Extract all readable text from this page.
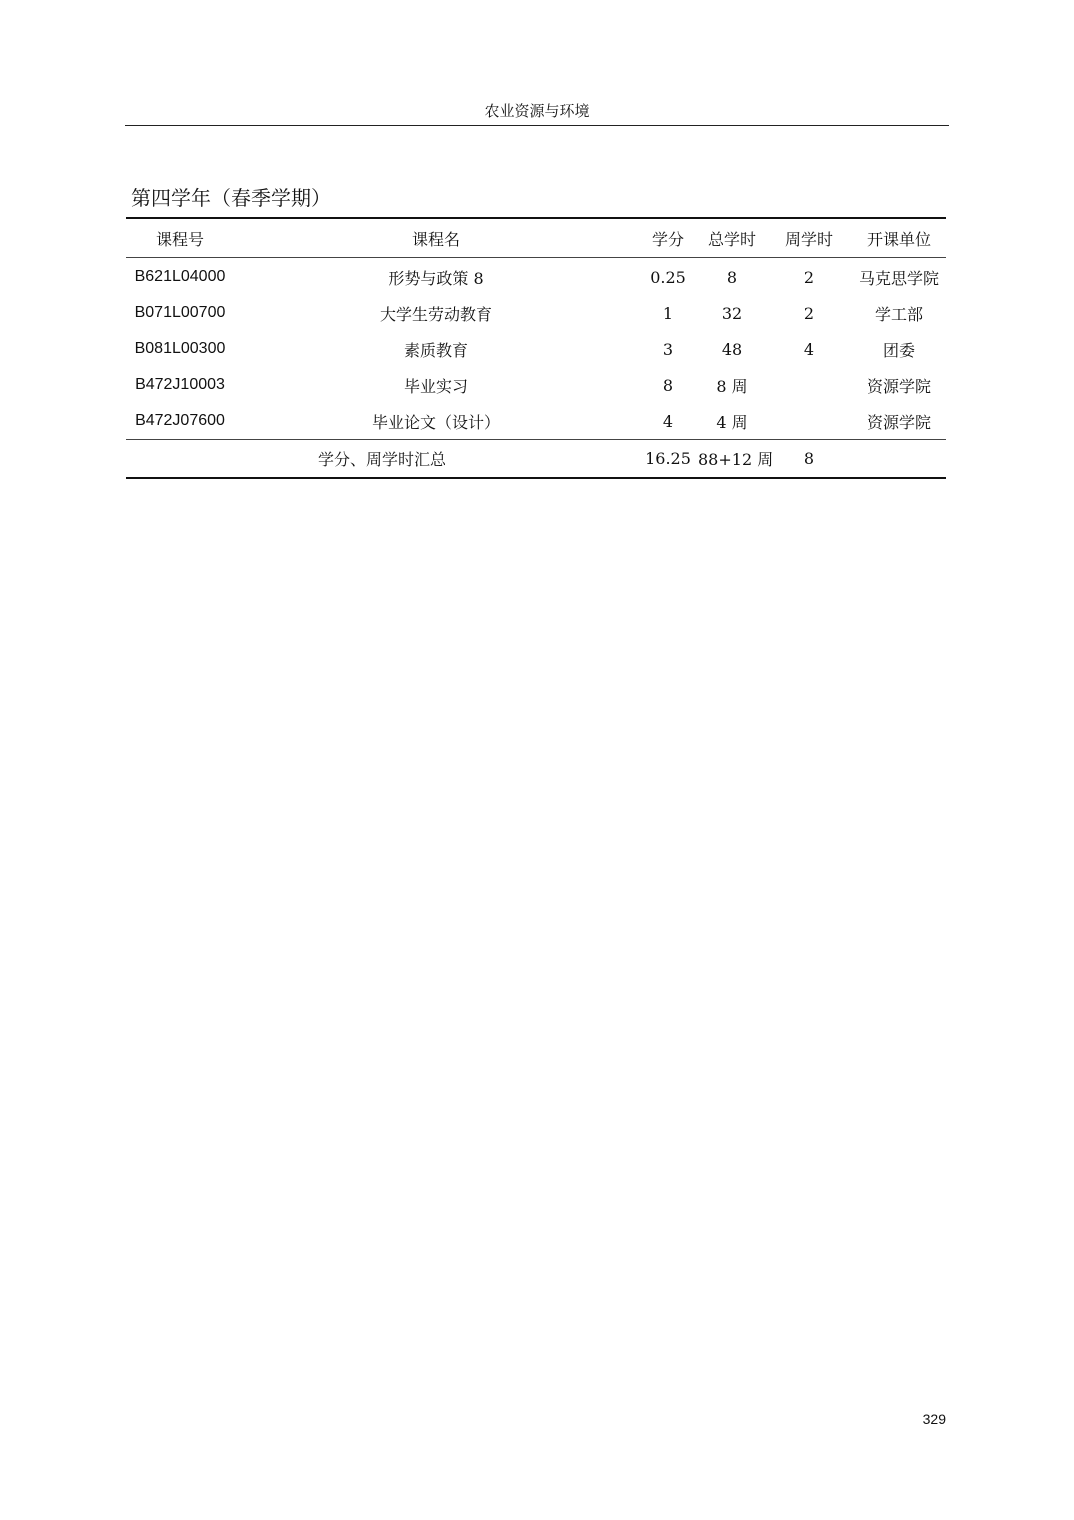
农业资源与环境
第四学年（春季学期）
课程号	课程名	学分	总学时	周学时	开课单位
B621L04000	形势与政策 8	0.25	8	2	马克思学院
B071L00700	大学生劳动教育	1	32	2	学工部
B081L00300	素质教育	3	48	4	团委
B472J10003	毕业实习	8	8 周		资源学院
B472J07600	毕业论文（设计）	4	4 周		资源学院
学分、周学时汇总		16.25	88+12 周	8	
329
